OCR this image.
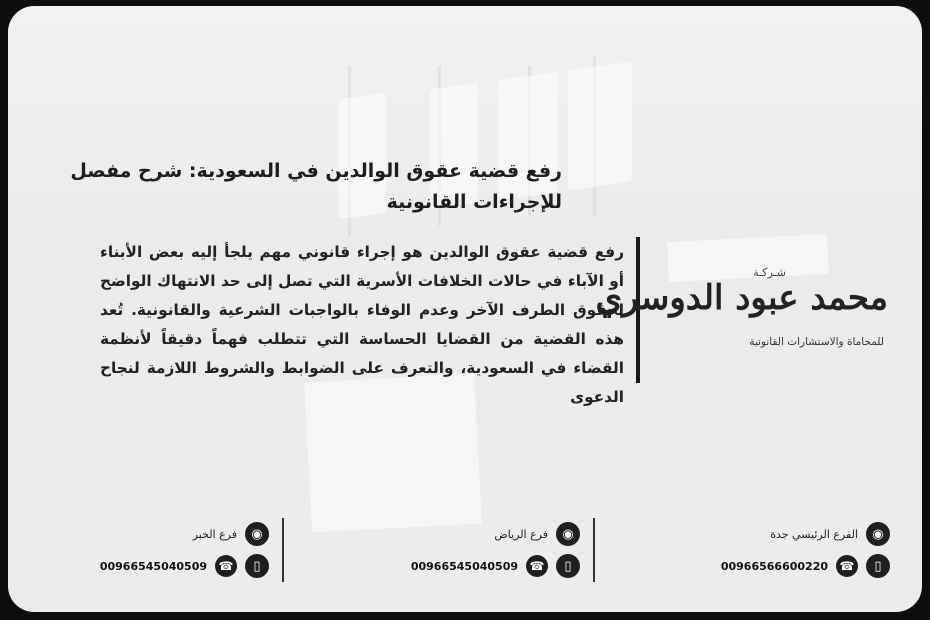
رفع قضية عقوق الوالدين في السعودية: شرح مفصل للإجراءات القانونية
رفع قضية عقوق الوالدين هو إجراء قانوني مهم يلجأ إليه بعض الأبناء أو الآباء في حالات الخلافات الأسرية التي تصل إلى حد الانتهاك الواضح لحقوق الطرف الآخر وعدم الوفاء بالواجبات الشرعية والقانونية. تُعد هذه القضية من القضايا الحساسة التي تتطلب فهماً دقيقاً لأنظمة القضاء في السعودية، والتعرف على الضوابط والشروط اللازمة لنجاح الدعوى
شـركـة
محمد عبود الدوسري
للمحاماة والاستشارات القانونية
◉
الفرع الرئيسي جدة
▯
☎
00966566600220
◉
فرع الرياض
▯
☎
00966545040509
◉
فرع الخبر
▯
☎
00966545040509
